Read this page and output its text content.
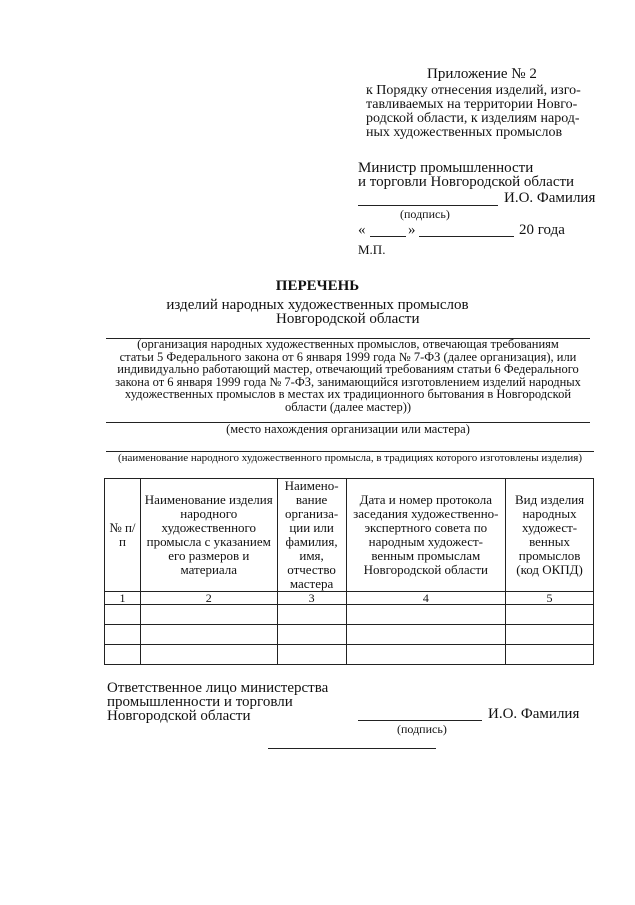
Приложение № 2
к Порядку отнесения изделий, изго-
тавливаемых на территории Новго-
родской области, к изделиям народ-
ных художественных промыслов
Министр промышленности
и торговли Новгородской области
И.О. Фамилия
(подпись)
«	»	20 года
М.П.
ПЕРЕЧЕНЬ
изделий народных художественных промыслов
Новгородской области
(организация народных художественных промыслов, отвечающая требованиям
статьи 5 Федерального закона от 6 января 1999 года № 7-ФЗ (далее организация), или
индивидуально работающий мастер, отвечающий требованиям статьи 6 Федерального
закона от 6 января 1999 года № 7-ФЗ, занимающийся изготовлением изделий народных
художественных промыслов в местах их традиционного бытования в Новгородской
области (далее мастер))
(место нахождения организации или мастера)
(наименование народного художественного промысла, в традициях которого изготовлены изделия)
№ п/п	Наименование изделия народного художественного промысла с указанием его размеров и материала	Наимено-вание организа-ции или фамилия, имя, отчество мастера	Дата и номер протокола заседания художественно-экспертного совета по народным художест-венным промыслам Новгородской области	Вид изделия народных художест-венных промыслов (код ОКПД)
1	2	3	4	5

Ответственное лицо министерства
промышленности и торговли
Новгородской области	И.О. Фамилия
(подпись)
